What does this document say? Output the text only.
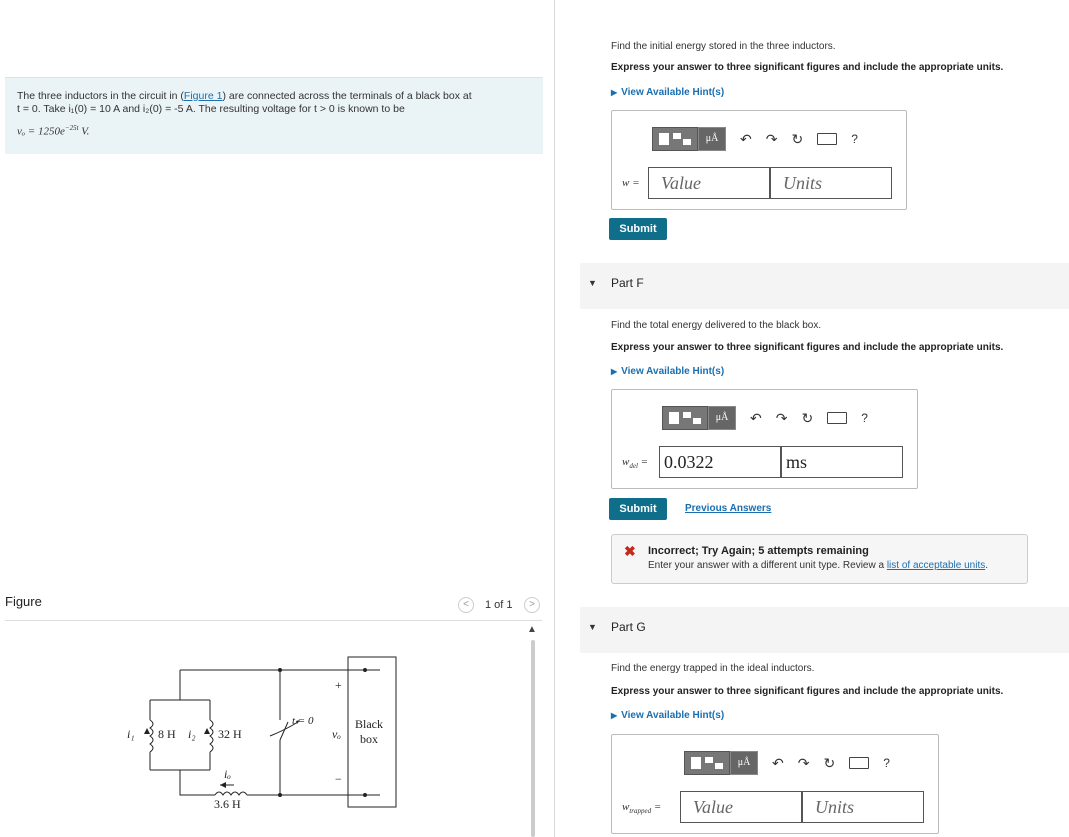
The three inductors in the circuit in (Figure 1) are connected across the terminals of a black box at
t = 0. Take i₁(0) = 10 A and i₂(0) = -5 A. The resulting voltage for t > 0 is known to be
$v_o = 1250e^{-25t}$ V.
Figure	<	1 of 1	>
▲
i₁ 8 H i₂ 32 H
iₒ
3.6 H
t = 0
+
−
vₒ
Black
box
Find the initial energy stored in the three inductors.
Express your answer to three significant figures and include the appropriate units.
▶ View Available Hint(s)
μÅ	↶ ↷ ↻	?
w =	Value	Units
Submit
▼ Part F
Find the total energy delivered to the black box.
Express your answer to three significant figures and include the appropriate units.
▶ View Available Hint(s)
μÅ	↶ ↷ ↻	?
$w_{del} = 0.0322$	ms
Submit	Previous Answers
✖ Incorrect; Try Again; 5 attempts remaining
Enter your answer with a different unit type. Review a list of acceptable units.
▼ Part G
Find the energy trapped in the ideal inductors.
Express your answer to three significant figures and include the appropriate units.
▶ View Available Hint(s)
μÅ	↶ ↷ ↻	?
$w_{trapped}$ =	Value	Units
